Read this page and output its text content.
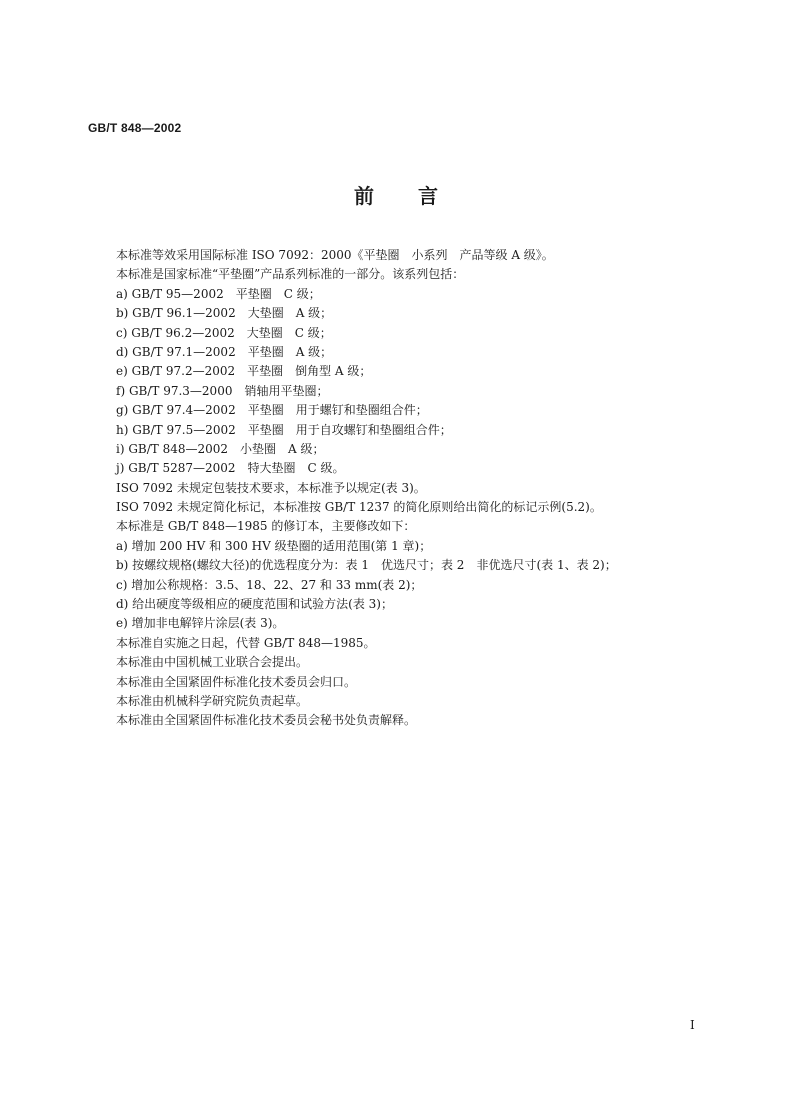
GB/T 848—2002
前言
本标准等效采用国际标准 ISO 7092：2000《平垫圈　小系列　产品等级 A 级》。
本标准是国家标准“平垫圈”产品系列标准的一部分。该系列包括：
a) GB/T 95—2002　平垫圈　C 级；
b) GB/T 96.1—2002　大垫圈　A 级；
c) GB/T 96.2—2002　大垫圈　C 级；
d) GB/T 97.1—2002　平垫圈　A 级；
e) GB/T 97.2—2002　平垫圈　倒角型 A 级；
f) GB/T 97.3—2000　销轴用平垫圈；
g) GB/T 97.4—2002　平垫圈　用于螺钉和垫圈组合件；
h) GB/T 97.5—2002　平垫圈　用于自攻螺钉和垫圈组合件；
i) GB/T 848—2002　小垫圈　A 级；
j) GB/T 5287—2002　特大垫圈　C 级。
ISO 7092 未规定包装技术要求，本标准予以规定(表 3)。
ISO 7092 未规定简化标记，本标准按 GB/T 1237 的简化原则给出简化的标记示例(5.2)。
本标准是 GB/T 848—1985 的修订本，主要修改如下：
a) 增加 200 HV 和 300 HV 级垫圈的适用范围(第 1 章)；
b) 按螺纹规格(螺纹大径)的优选程度分为：表 1　优选尺寸；表 2　非优选尺寸(表 1、表 2)；
c) 增加公称规格：3.5、18、22、27 和 33 mm(表 2)；
d) 给出硬度等级相应的硬度范围和试验方法(表 3)；
e) 增加非电解锌片涂层(表 3)。
本标准自实施之日起，代替 GB/T 848—1985。
本标准由中国机械工业联合会提出。
本标准由全国紧固件标准化技术委员会归口。
本标准由机械科学研究院负责起草。
本标准由全国紧固件标准化技术委员会秘书处负责解释。
I
